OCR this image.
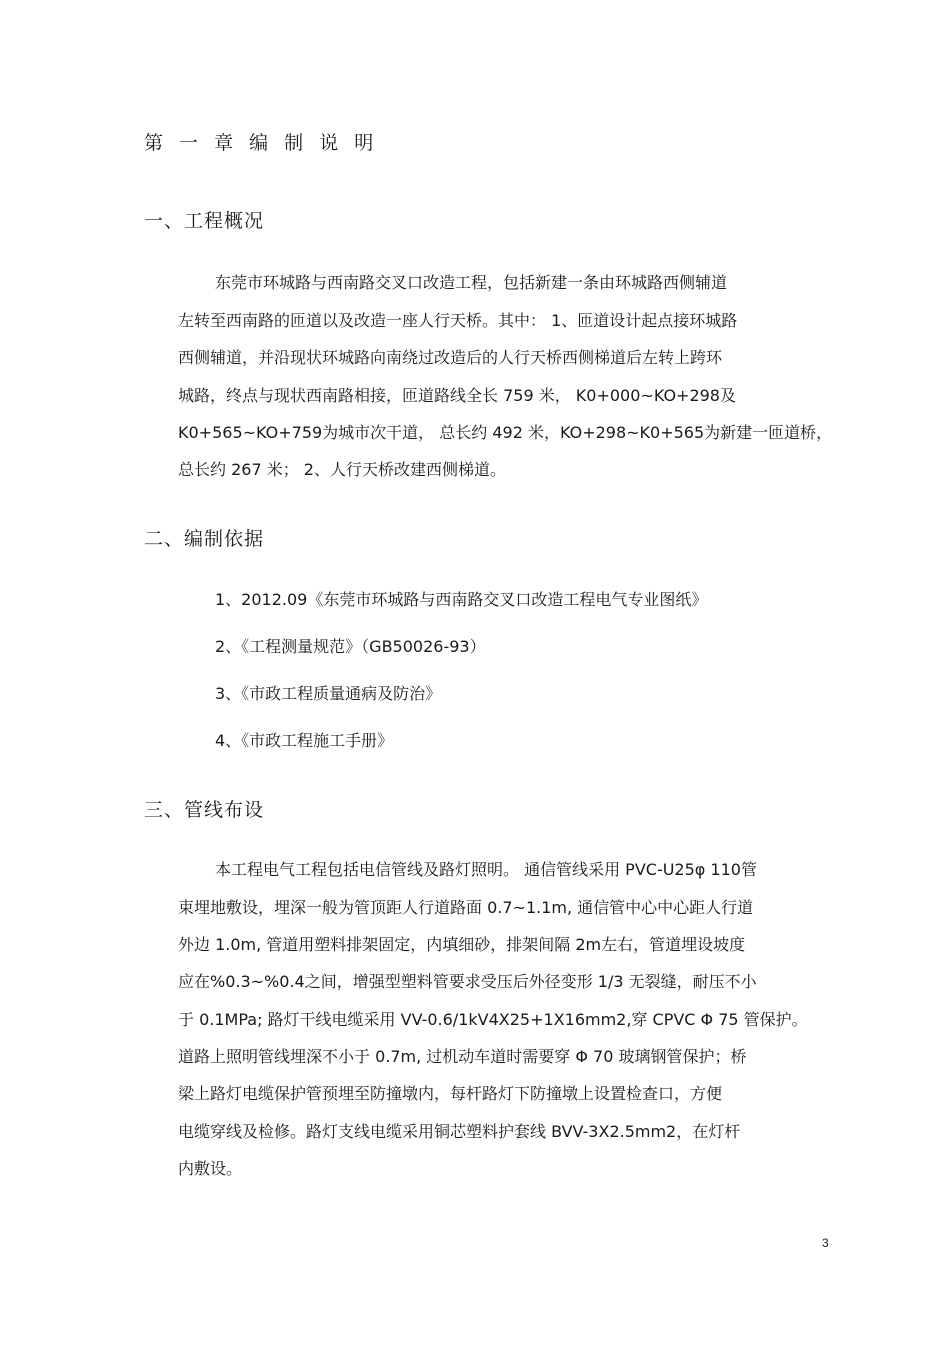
第 一 章 编 制 说 明
一、工程概况
东莞市环城路与西南路交叉口改造工程，包括新建一条由环城路西侧辅道
左转至西南路的匝道以及改造一座人行天桥。其中： 1、匝道设计起点接环城路
西侧辅道，并沿现状环城路向南绕过改造后的人行天桥西侧梯道后左转上跨环
城路，终点与现状西南路相接，匝道路线全长 759 米， K0+000~KO+298及
K0+565~KO+759为城市次干道， 总长约 492 米，KO+298~K0+565为新建一匝道桥，
总长约 267 米； 2、人行天桥改建西侧梯道。
二、编制依据
1、2012.09《东莞市环城路与西南路交叉口改造工程电气专业图纸》
2、《工程测量规范》（GB50026-93）
3、《市政工程质量通病及防治》
4、《市政工程施工手册》
三、管线布设
本工程电气工程包括电信管线及路灯照明。 通信管线采用 PVC-U25φ 110管
束埋地敷设，埋深一般为管顶距人行道路面 0.7~1.1m, 通信管中心中心距人行道
外边 1.0m, 管道用塑料排架固定，内填细砂，排架间隔 2m左右，管道埋设坡度
应在%0.3~%0.4之间，增强型塑料管要求受压后外径变形 1/3 无裂缝，耐压不小
于 0.1MPa; 路灯干线电缆采用 VV-0.6/1kV4X25+1X16mm2,穿 CPVC Φ 75 管保护。
道路上照明管线埋深不小于 0.7m, 过机动车道时需要穿 Φ 70 玻璃钢管保护；桥
梁上路灯电缆保护管预埋至防撞墩内，每杆路灯下防撞墩上设置检查口，方便
电缆穿线及检修。路灯支线电缆采用铜芯塑料护套线 BVV-3X2.5mm2，在灯杆
内敷设。
3
